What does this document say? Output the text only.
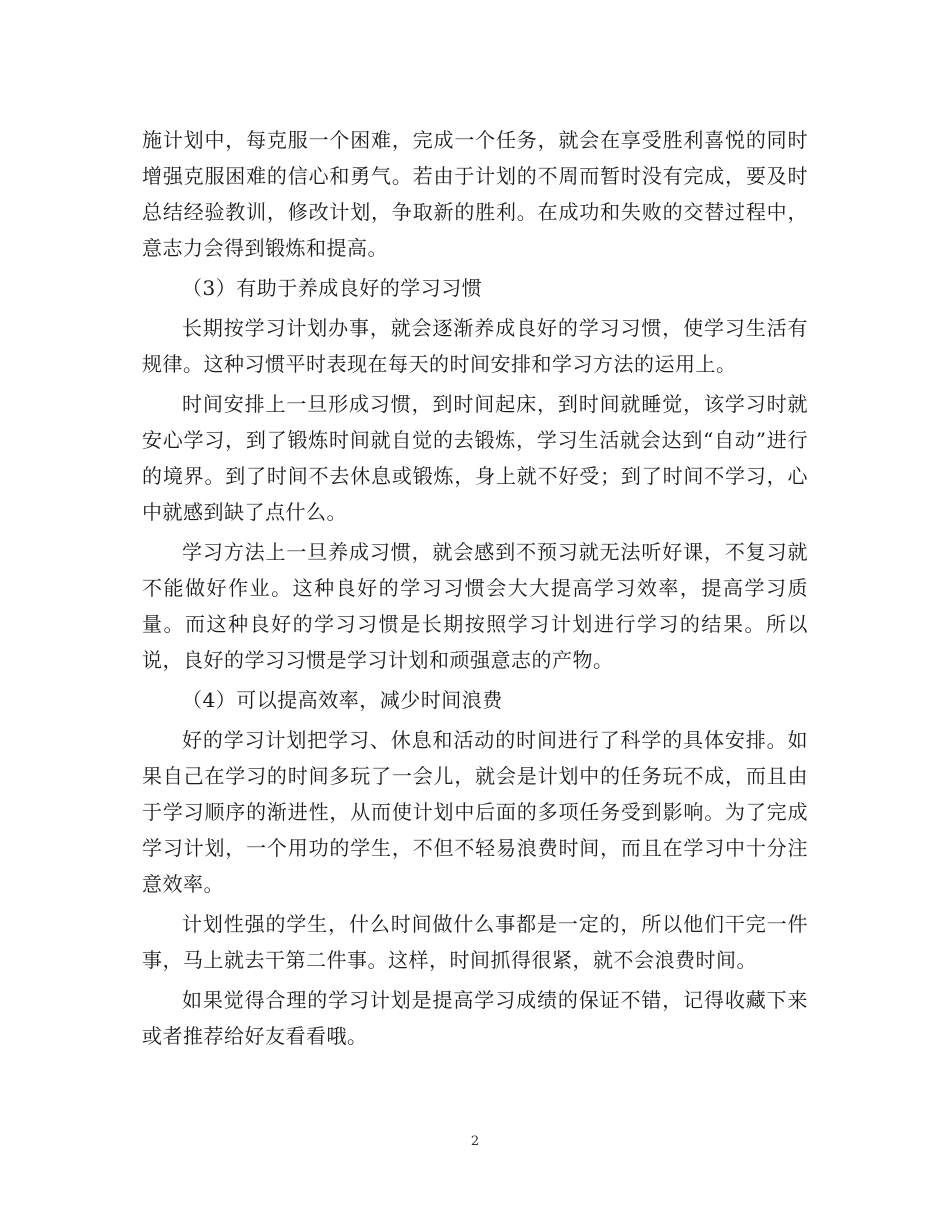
施计划中，每克服一个困难，完成一个任务，就会在享受胜利喜悦的同时增强克服困难的信心和勇气。若由于计划的不周而暂时没有完成，要及时总结经验教训，修改计划，争取新的胜利。在成功和失败的交替过程中，意志力会得到锻炼和提高。

（3）有助于养成良好的学习习惯

长期按学习计划办事，就会逐渐养成良好的学习习惯，使学习生活有规律。这种习惯平时表现在每天的时间安排和学习方法的运用上。

时间安排上一旦形成习惯，到时间起床，到时间就睡觉，该学习时就安心学习，到了锻炼时间就自觉的去锻炼，学习生活就会达到“自动”进行的境界。到了时间不去休息或锻炼，身上就不好受；到了时间不学习，心中就感到缺了点什么。

学习方法上一旦养成习惯，就会感到不预习就无法听好课，不复习就不能做好作业。这种良好的学习习惯会大大提高学习效率，提高学习质量。而这种良好的学习习惯是长期按照学习计划进行学习的结果。所以说，良好的学习习惯是学习计划和顽强意志的产物。

（4）可以提高效率，减少时间浪费

好的学习计划把学习、休息和活动的时间进行了科学的具体安排。如果自己在学习的时间多玩了一会儿，就会是计划中的任务玩不成，而且由于学习顺序的渐进性，从而使计划中后面的多项任务受到影响。为了完成学习计划，一个用功的学生，不但不轻易浪费时间，而且在学习中十分注意效率。

计划性强的学生，什么时间做什么事都是一定的，所以他们干完一件事，马上就去干第二件事。这样，时间抓得很紧，就不会浪费时间。

如果觉得合理的学习计划是提高学习成绩的保证不错，记得收藏下来或者推荐给好友看看哦。

2
